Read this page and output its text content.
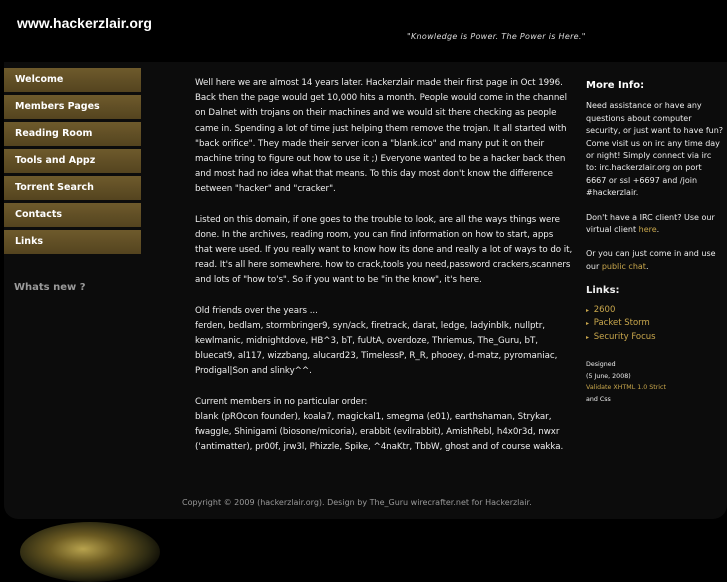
www.hackerzlair.org
"Knowledge is Power. The Power is Here."
Welcome
Members Pages
Reading Room
Tools and Appz
Torrent Search
Contacts
Links
Whats new ?

Well here we are almost 14 years later. Hackerzlair made their first page in Oct 1996. Back then the page would get 10,000 hits a month. People would come in the channel on Dalnet with trojans on their machines and we would sit there checking as people came in. Spending a lot of time just helping them remove the trojan. It all started with "back orifice". They made their server icon a "blank.ico" and many put it on their machine tring to figure out how to use it ;) Everyone wanted to be a hacker back then and most had no idea what that means. To this day most don't know the difference between "hacker" and "cracker".

Listed on this domain, if one goes to the trouble to look, are all the ways things were done. In the archives, reading room, you can find information on how to start, apps that were used. If you really want to know how its done and really a lot of ways to do it, read. It's all here somewhere. how to crack,tools you need,password crackers,scanners and lots of "how to's". So if you want to be "in the know", it's here.

Old friends over the years ...
ferden, bedlam, stormbringer9, syn/ack, firetrack, darat, ledge, ladyinblk, nullptr, kewlmanic, midnightdove, HB^3, bT, fuUtA, overdoze, Thriemus, The_Guru, bT, bluecat9, al117, wizzbang, alucard23, TimelessP, R_R, phooey, d-matz, pyromaniac, Prodigal|Son and slinky^^.

Current members in no particular order:
blank (pROcon founder), koala7, magickal1, smegma (e01), earthshaman, Strykar, fwaggle, Shinigami (biosone/micoria), erabbit (evilrabbit), AmishRebl, h4x0r3d, nwxr ('antimatter), pr00f, jrw3l, Phizzle, Spike, ^4naKtr, TbbW, ghost and of course wakka.

More Info:

Need assistance or have any questions about computer security, or just want to have fun? Come visit us on irc any time day or night! Simply connect via irc to: irc.hackerzlair.org on port 6667 or ssl +6697 and /join #hackerzlair.

Don't have a IRC client? Use our virtual client here.

Or you can just come in and use our public chat.

Links:
▸ 2600
▸ Packet Storm
▸ Security Focus
Designed
(5 June, 2008)
Validate XHTML 1.0 Strict
and Css
Copyright © 2009 (hackerzlair.org). Design by The_Guru wirecrafter.net for Hackerzlair.
